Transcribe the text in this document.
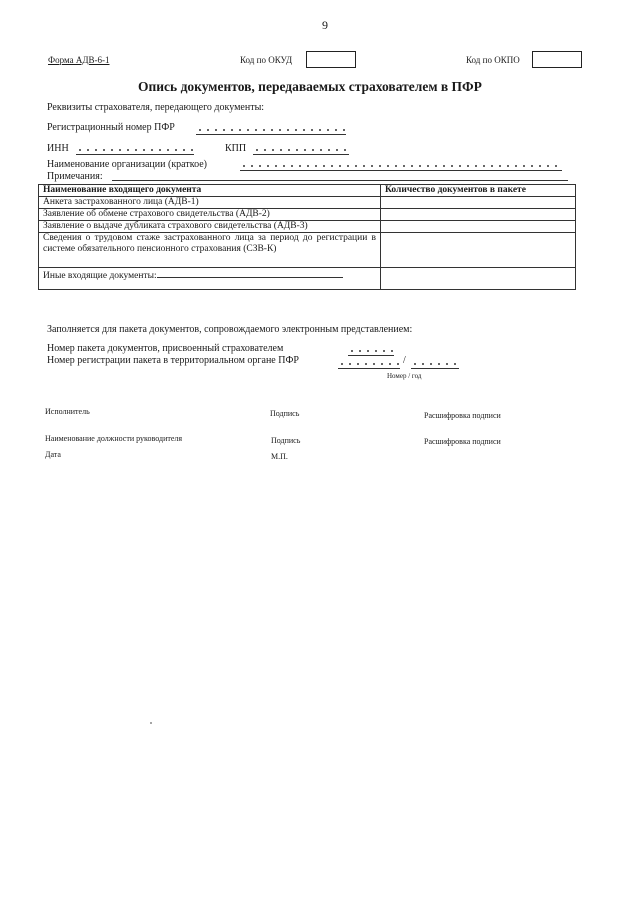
9
Форма АДВ-6-1	Код по ОКУД	Код по ОКПО
Опись документов, передаваемых страхователем в ПФР
Реквизиты страхователя, передающего документы:
Регистрационный номер ПФР
ИНН	КПП
Наименование организации (краткое)
Примечания:
Наименование входящего документа	Количество документов в пакете
Анкета застрахованного лица (АДВ-1)	
Заявление об обмене страхового свидетельства (АДВ-2)	
Заявление о выдаче дубликата страхового свидетельства (АДВ-3)	
Сведения о трудовом стаже застрахованного лица за период до регистрации в системе обязательного пенсионного страхования (СЗВ-К)	
Иные входящие документы:	
Заполняется для пакета документов, сопровождаемого электронным представлением:
Номер пакета документов, присвоенный страхователем
Номер регистрации пакета в территориальном органе ПФР	/
Номер / год
Исполнитель	Подпись	Расшифровка подписи
Наименование должности руководителя	Подпись	Расшифровка подписи
Дата	М.П.
